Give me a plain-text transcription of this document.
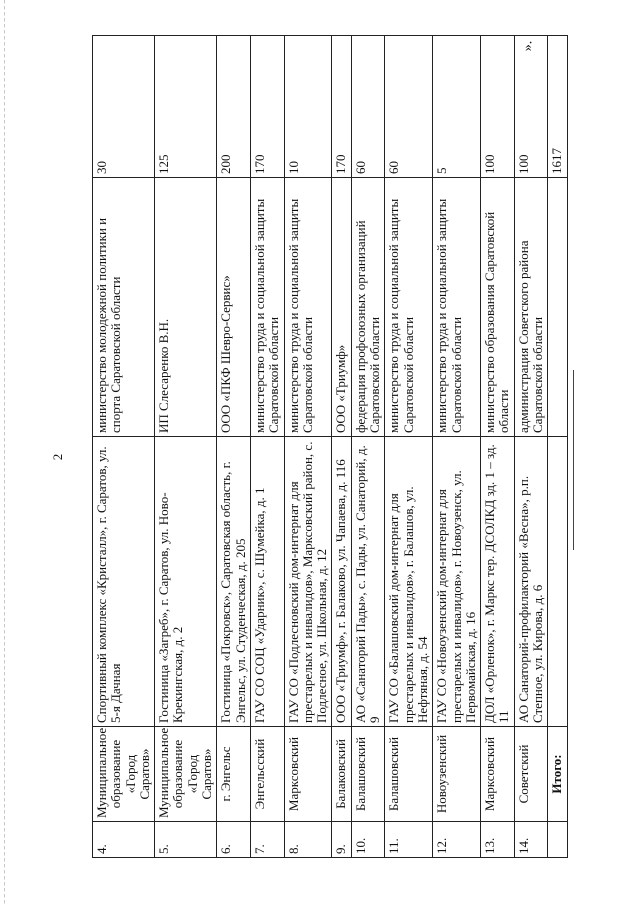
2
».
4.	Муниципальное образование «Город Саратов»	Спортивный комплекс «Кристалл», г. Саратов, ул. 5-я Дачная	министерство молодежной политики и спорта Саратовской области	30
5.	Муниципальное образование «Город Саратов»	Гостиница «Загреб», г. Саратов, ул. Ново-Крекингская, д. 2	ИП Слесаренко В.Н.	125
6.	г. Энгельс	Гостиница «Покровск», Саратовская область, г. Энгельс, ул. Студенческая, д. 205	ООО «ПКФ Шевро-Сервис»	200
7.	Энгельсский	ГАУ СО СОЦ «Ударник», с. Шумейка, д. 1	министерство труда и социальной защиты Саратовской области	170
8.	Марксовский	ГАУ СО «Подлесновский дом-интернат для престарелых и инвалидов», Марксовский район, с. Подлесное, ул. Школьная, д. 12	министерство труда и социальной защиты Саратовской области	10
9.	Балаковский	ООО «Триумф», г. Балаково, ул. Чапаева, д. 116	ООО «Триумф»	170
10.	Балашовский	АО «Санаторий Пады», с. Пады, ул. Санаторий, д. 9	федерация профсоюзных организаций Саратовской области	60
11.	Балашовский	ГАУ СО «Балашовский дом-интернат для престарелых и инвалидов», г. Балашов, ул. Нефтяная, д. 54	министерство труда и социальной защиты Саратовской области	60
12.	Новоузенский	ГАУ СО «Новоузенский дом-интернат для престарелых и инвалидов», г. Новоузенск, ул. Первомайская, д. 16	министерство труда и социальной защиты Саратовской области	5
13.	Марксовский	ДОЛ «Орленок», г. Маркс тер. ДСОЛКД зд. 1 – зд. 11	министерство образования Саратовской области	100
14.	Советский	АО Санаторий-профилакторий «Весна», р.п. Степное, ул. Кирова, д. 6	администрация Советского района Саратовской области	100
	Итого:			1617
